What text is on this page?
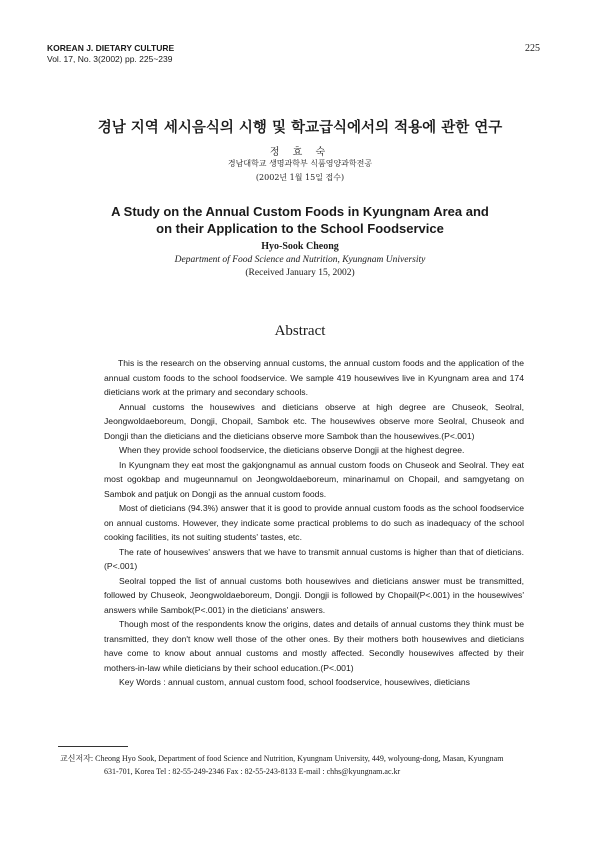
KOREAN J. DIETARY CULTURE
Vol. 17, No. 3(2002) pp. 225~239
225
경남 지역 세시음식의 시행 및 학교급식에서의 적용에 관한 연구
정 효 숙
경남대학교 생명과학부 식품영양과학전공
(2002년 1월 15일 접수)
A Study on the Annual Custom Foods in Kyungnam Area and
on their Application to the School Foodservice
Hyo-Sook Cheong
Department of Food Science and Nutrition, Kyungnam University
(Received January 15, 2002)
Abstract

This is the research on the observing annual customs, the annual custom foods and the application of the annual custom foods to the school foodservice. We sample 419 housewives live in Kyungnam area and 174 dieticians work at the primary and secondary schools.

Annual customs the housewives and dieticians observe at high degree are Chuseok, Seolral, Jeongwoldaeboreum, Dongji, Chopail, Sambok etc. The housewives observe more Seolral, Chuseok and Dongji than the dieticians and the dieticians observe more Sambok than the housewives.(P<.001)

When they provide school foodservice, the dieticians observe Dongji at the highest degree.

In Kyungnam they eat most the gakjongnamul as annual custom foods on Chuseok and Seolral. They eat most ogokbap and mugeunnamul on Jeongwoldaeboreum, minarinamul on Chopail, and samgyetang on Sambok and patjuk on Dongji as the annual custom foods.

Most of dieticians (94.3%) answer that it is good to provide annual custom foods as the school foodservice on annual customs. However, they indicate some practical problems to do such as inadequacy of the school cooking facilities, its not suiting students' tastes, etc.

The rate of housewives' answers that we have to transmit annual customs is higher than that of dieticians.(P<.001)

Seolral topped the list of annual customs both housewives and dieticians answer must be transmitted, followed by Chuseok, Jeongwoldaeboreum, Dongji. Dongji is followed by Chopail(P<.001) in the housewives' answers while Sambok(P<.001) in the dieticians' answers.

Though most of the respondents know the origins, dates and details of annual customs they think must be transmitted, they don't know well those of the other ones. By their mothers both housewives and dieticians have come to know about annual customs and mostly affected. Secondly housewives affected by their mothers-in-law while dieticians by their school education.(P<.001)

Key Words : annual custom, annual custom food, school foodservice, housewives, dieticians

교신저자: Cheong Hyo Sook, Department of food Science and Nutrition, Kyungnam University, 449, wolyoung-dong, Masan, Kyungnam
631-701, Korea Tel : 82-55-249-2346 Fax : 82-55-243-8133 E-mail : chhs@kyungnam.ac.kr
